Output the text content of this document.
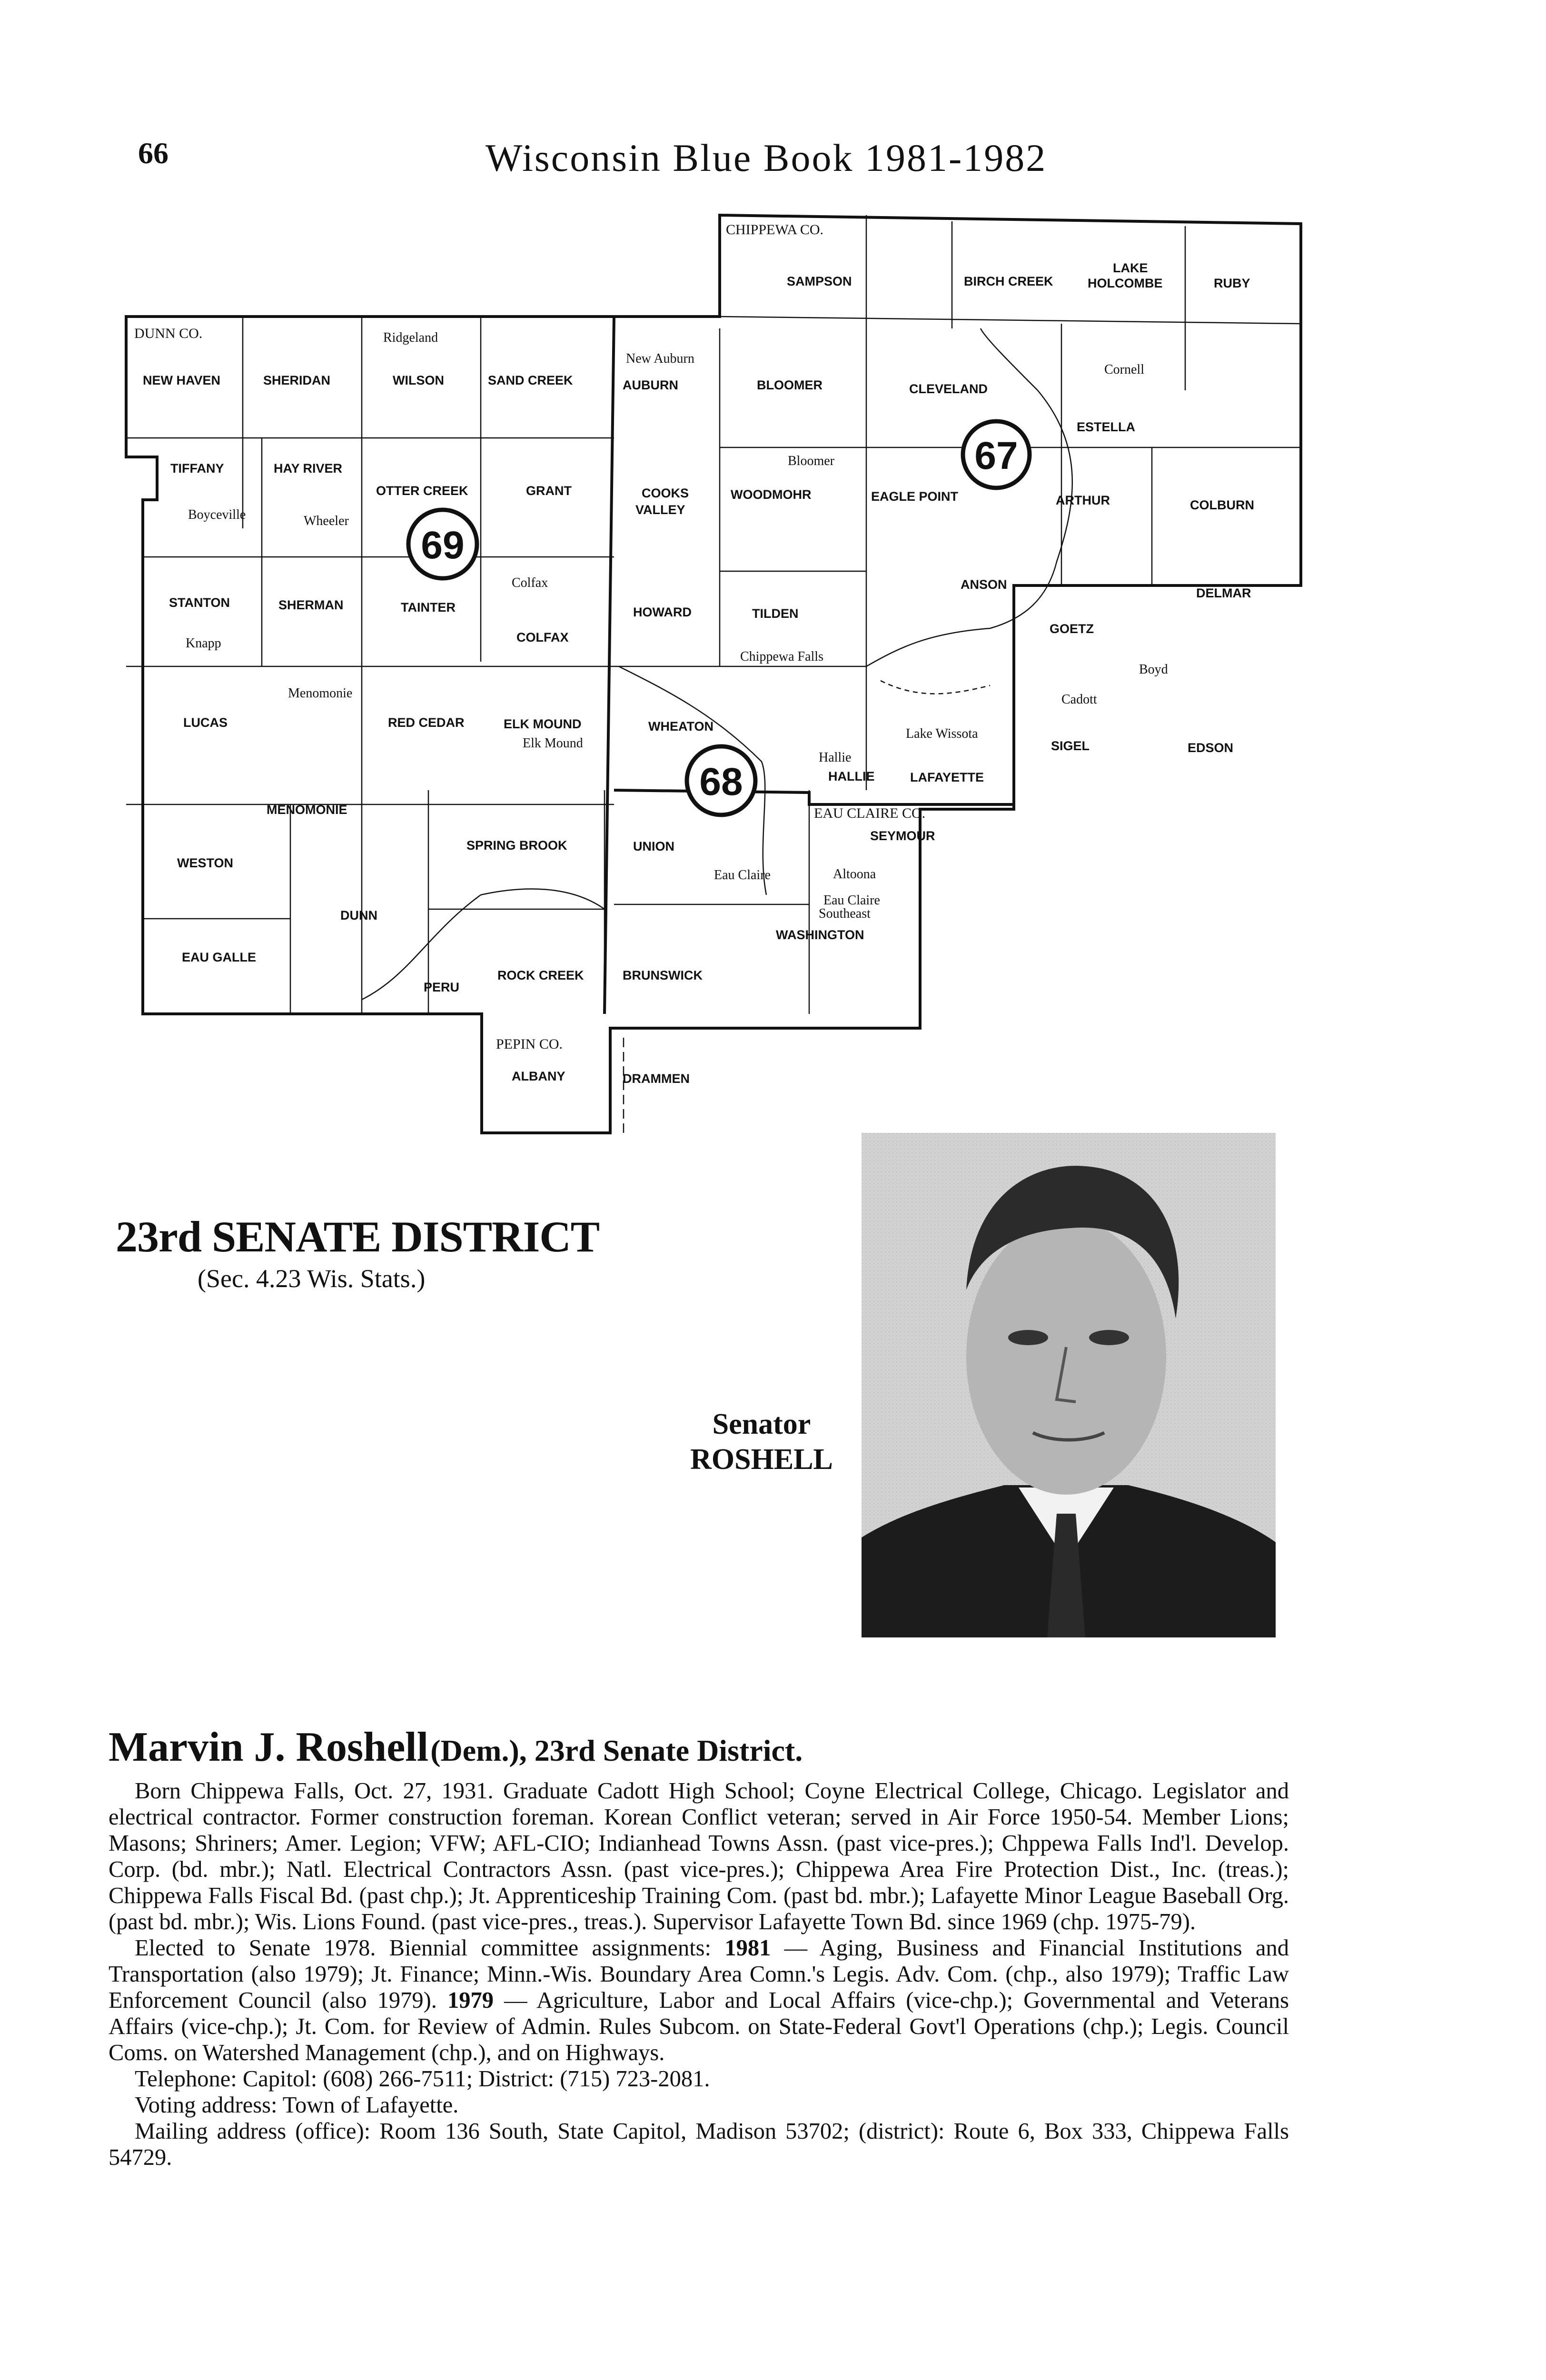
66	Wisconsin Blue Book 1981-1982
CHIPPEWA CO.
DUNN CO.
EAU CLAIRE CO.
PEPIN CO.
SAMPSON	BIRCH CREEK
LAKE
HOLCOMBE	RUBY
NEW HAVEN	SHERIDAN	WILSON	SAND CREEK	AUBURN	BLOOMER	CLEVELAND
ESTELLA
TIFFANY	HAY RIVER
OTTER CREEK	GRANT	COOKS
VALLEY
WOODMOHR	EAGLE POINT	ARTHUR	COLBURN
STANTON	SHERMAN	TAINTER
COLFAX
HOWARD	TILDEN
ANSON
GOETZ
DELMAR
LUCAS	RED CEDAR	ELK MOUND	WHEATON
SIGEL	EDSON
HALLIE	LAFAYETTE
MENOMONIE
SPRING BROOK	UNION
SEYMOUR
WESTON
DUNN
EAU GALLE
PERU
ROCK CREEK	BRUNSWICK
WASHINGTON
ALBANY	DRAMMEN
Ridgeland
New Auburn
Cornell
Bloomer
Boyceville	Wheeler
Colfax
Knapp
Chippewa Falls
Boyd
Cadott
Menomonie
Elk Mound
Lake Wissota
Hallie
Eau Claire	Altoona
Eau Claire
Southeast
67
68
69
23rd SENATE DISTRICT
(Sec. 4.23 Wis. Stats.)
Senator
ROSHELL
Marvin J. Roshell (Dem.), 23rd Senate District.

Born Chippewa Falls, Oct. 27, 1931. Graduate Cadott High School; Coyne Electrical College, Chicago. Legislator and electrical contractor. Former construction foreman. Korean Conflict veteran; served in Air Force 1950-54. Member Lions; Masons; Shriners; Amer. Legion; VFW; AFL-CIO; Indianhead Towns Assn. (past vice-pres.); Chppewa Falls Ind'l. Develop. Corp. (bd. mbr.); Natl. Electrical Contractors Assn. (past vice-pres.); Chippewa Area Fire Protection Dist., Inc. (treas.); Chippewa Falls Fiscal Bd. (past chp.); Jt. Apprenticeship Training Com. (past bd. mbr.); Lafayette Minor League Baseball Org. (past bd. mbr.); Wis. Lions Found. (past vice-pres., treas.). Supervisor Lafayette Town Bd. since 1969 (chp. 1975-79).

Elected to Senate 1978. Biennial committee assignments: 1981 — Aging, Business and Financial Institutions and Transportation (also 1979); Jt. Finance; Minn.-Wis. Boundary Area Comn.'s Legis. Adv. Com. (chp., also 1979); Traffic Law Enforcement Council (also 1979). 1979 — Agriculture, Labor and Local Affairs (vice-chp.); Governmental and Veterans Affairs (vice-chp.); Jt. Com. for Review of Admin. Rules Subcom. on State-Federal Govt'l Operations (chp.); Legis. Council Coms. on Watershed Management (chp.), and on Highways.

Telephone: Capitol: (608) 266-7511; District: (715) 723-2081.

Voting address: Town of Lafayette.

Mailing address (office): Room 136 South, State Capitol, Madison 53702; (district): Route 6, Box 333, Chippewa Falls 54729.
